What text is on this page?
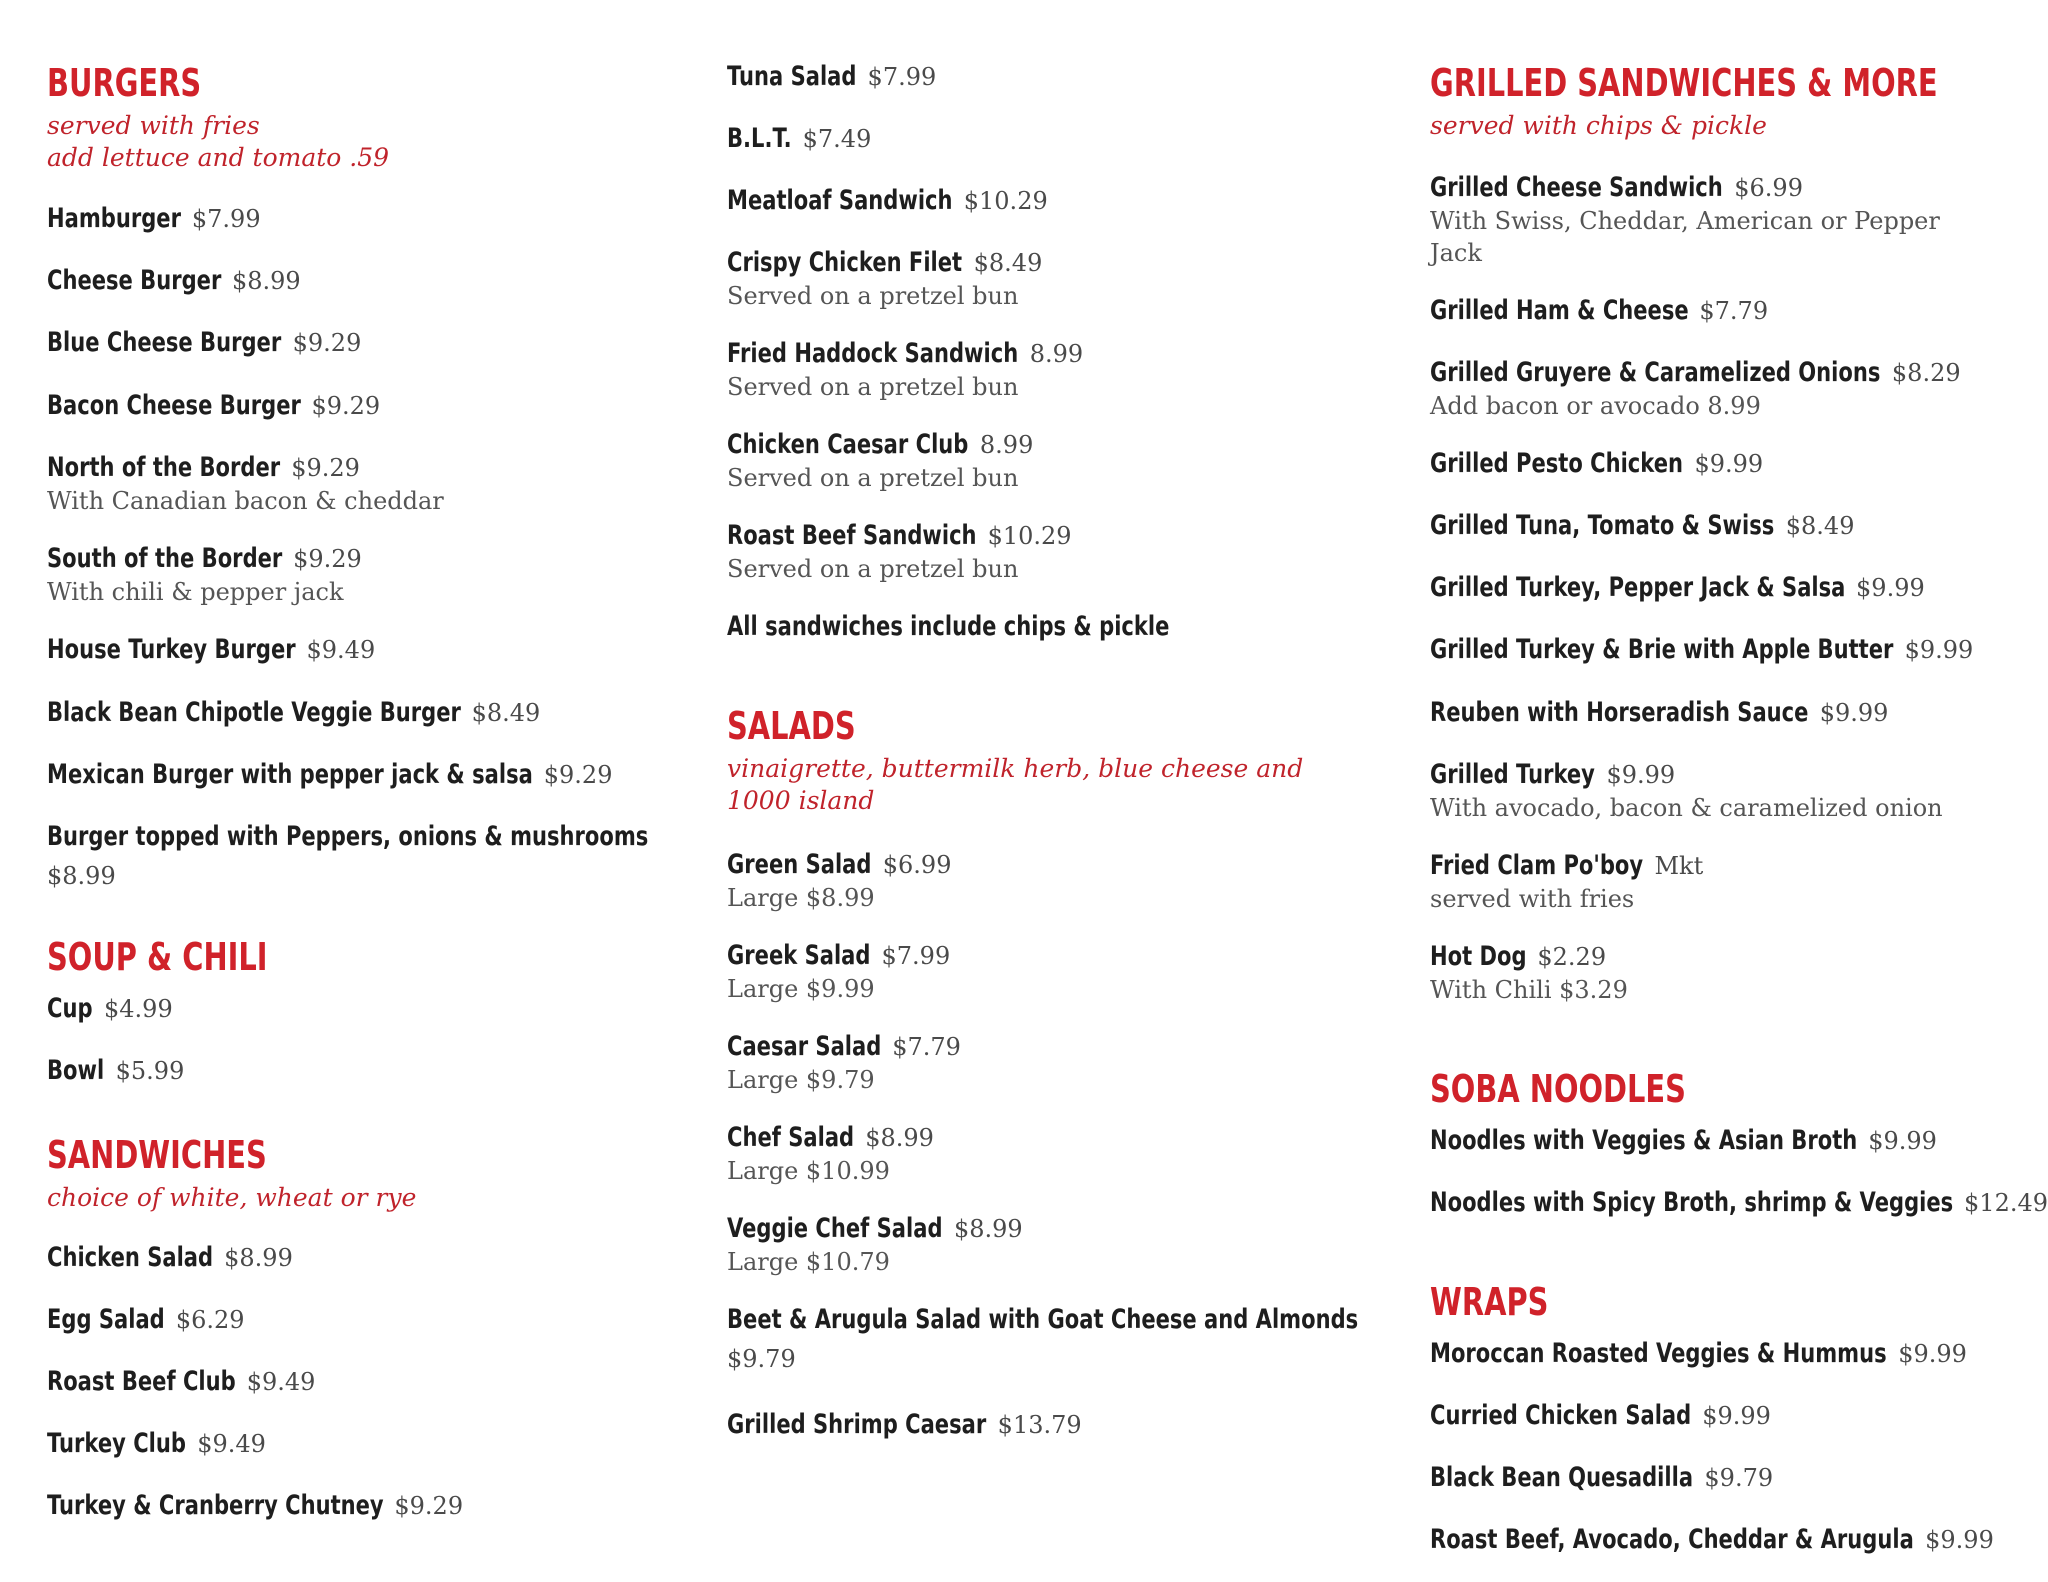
BURGERS
served with fries
add lettuce and tomato .59
Hamburger $7.99
Cheese Burger $8.99
Blue Cheese Burger $9.29
Bacon Cheese Burger $9.29
North of the Border $9.29
With Canadian bacon & cheddar
South of the Border $9.29
With chili & pepper jack
House Turkey Burger $9.49
Black Bean Chipotle Veggie Burger $8.49
Mexican Burger with pepper jack & salsa $9.29
Burger topped with Peppers, onions & mushrooms
$8.99
SOUP & CHILI
Cup $4.99
Bowl $5.99
SANDWICHES
choice of white, wheat or rye
Chicken Salad $8.99
Egg Salad $6.29
Roast Beef Club $9.49
Turkey Club $9.49
Turkey & Cranberry Chutney $9.29
Tuna Salad $7.99
B.L.T. $7.49
Meatloaf Sandwich $10.29
Crispy Chicken Filet $8.49
Served on a pretzel bun
Fried Haddock Sandwich 8.99
Served on a pretzel bun
Chicken Caesar Club 8.99
Served on a pretzel bun
Roast Beef Sandwich $10.29
Served on a pretzel bun
All sandwiches include chips & pickle
SALADS
vinaigrette, buttermilk herb, blue cheese and
1000 island
Green Salad $6.99
Large $8.99
Greek Salad $7.99
Large $9.99
Caesar Salad $7.79
Large $9.79
Chef Salad $8.99
Large $10.99
Veggie Chef Salad $8.99
Large $10.79
Beet & Arugula Salad with Goat Cheese and Almonds
$9.79
Grilled Shrimp Caesar $13.79
GRILLED SANDWICHES & MORE
served with chips & pickle
Grilled Cheese Sandwich $6.99
With Swiss, Cheddar, American or Pepper Jack
Grilled Ham & Cheese $7.79
Grilled Gruyere & Caramelized Onions $8.29
Add bacon or avocado 8.99
Grilled Pesto Chicken $9.99
Grilled Tuna, Tomato & Swiss $8.49
Grilled Turkey, Pepper Jack & Salsa $9.99
Grilled Turkey & Brie with Apple Butter $9.99
Reuben with Horseradish Sauce $9.99
Grilled Turkey $9.99
With avocado, bacon & caramelized onion
Fried Clam Po'boy Mkt
served with fries
Hot Dog $2.29
With Chili $3.29
SOBA NOODLES
Noodles with Veggies & Asian Broth $9.99
Noodles with Spicy Broth, shrimp & Veggies $12.49
WRAPS
Moroccan Roasted Veggies & Hummus $9.99
Curried Chicken Salad $9.99
Black Bean Quesadilla $9.79
Roast Beef, Avocado, Cheddar & Arugula $9.99
